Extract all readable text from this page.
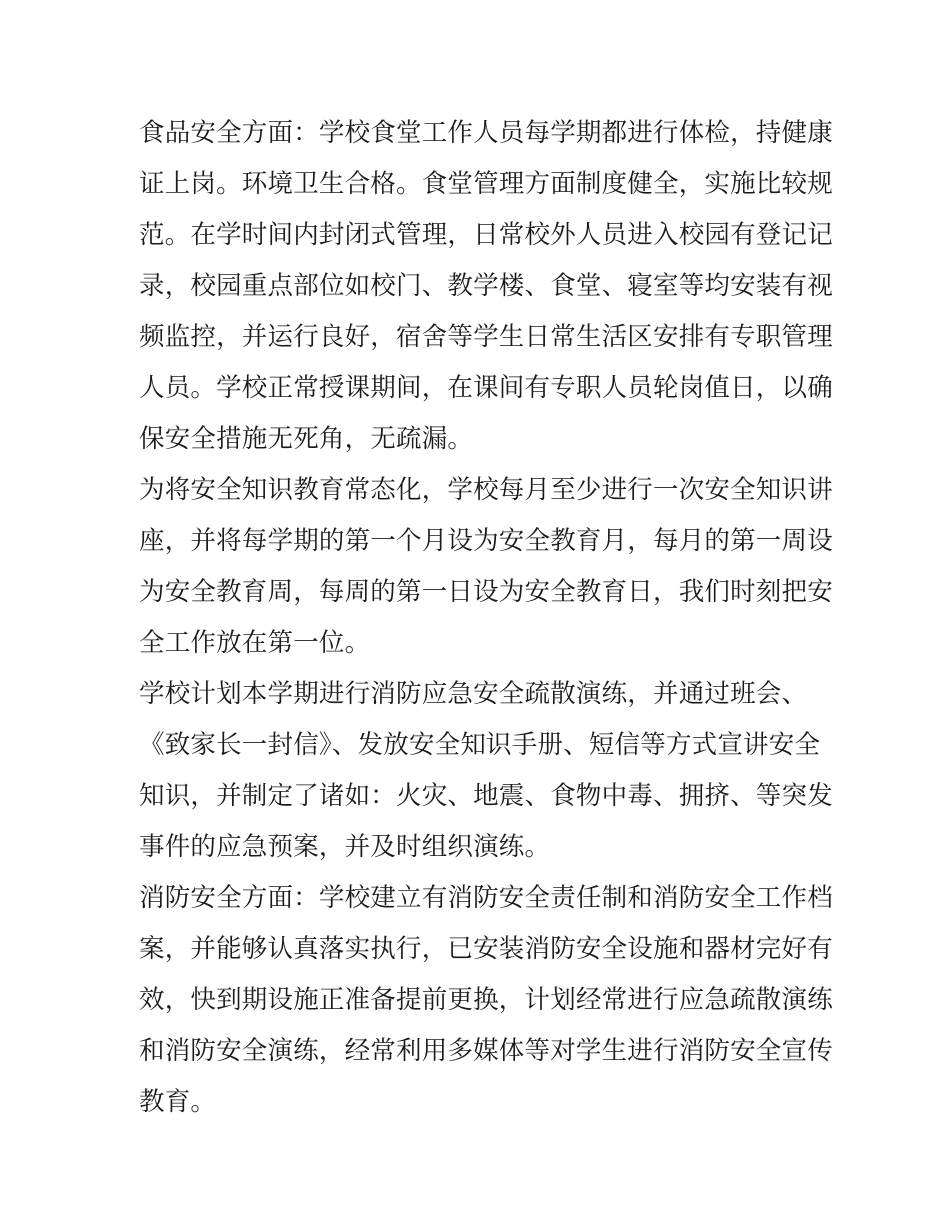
食品安全方面：学校食堂工作人员每学期都进行体检，持健康
证上岗。环境卫生合格。食堂管理方面制度健全，实施比较规
范。在学时间内封闭式管理，日常校外人员进入校园有登记记
录，校园重点部位如校门、教学楼、食堂、寝室等均安装有视
频监控，并运行良好，宿舍等学生日常生活区安排有专职管理
人员。学校正常授课期间，在课间有专职人员轮岗值日，以确
保安全措施无死角，无疏漏。

为将安全知识教育常态化，学校每月至少进行一次安全知识讲
座，并将每学期的第一个月设为安全教育月，每月的第一周设
为安全教育周，每周的第一日设为安全教育日，我们时刻把安
全工作放在第一位。

学校计划本学期进行消防应急安全疏散演练，并通过班会、
《致家长一封信》、发放安全知识手册、短信等方式宣讲安全
知识，并制定了诸如：火灾、地震、食物中毒、拥挤、等突发
事件的应急预案，并及时组织演练。

消防安全方面：学校建立有消防安全责任制和消防安全工作档
案，并能够认真落实执行，已安装消防安全设施和器材完好有
效，快到期设施正准备提前更换，计划经常进行应急疏散演练
和消防安全演练，经常利用多媒体等对学生进行消防安全宣传
教育。
